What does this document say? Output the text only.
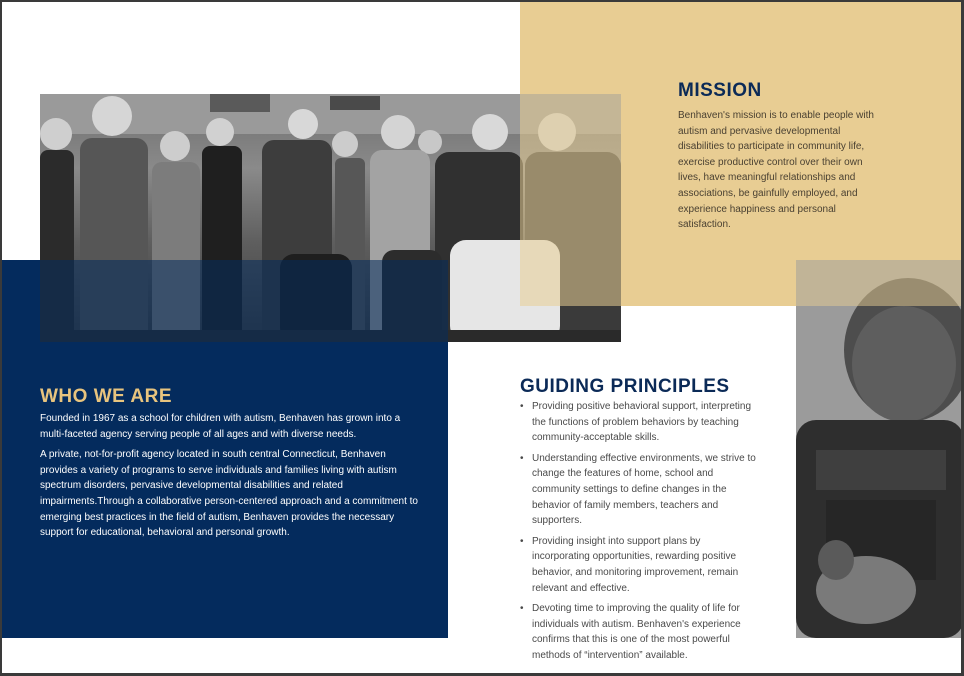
MISSION

Benhaven's mission is to enable people with autism and pervasive developmental disabilities to participate in community life, exercise productive control over their own lives, have meaningful relationships and associations, be gainfully employed, and experience happiness and personal satisfaction.

WHO WE ARE

Founded in 1967 as a school for children with autism, Benhaven has grown into a multi-faceted agency serving people of all ages and with diverse needs.

A private, not-for-profit agency located in south central Connecticut, Benhaven provides a variety of programs to serve individuals and families living with autism spectrum disorders, pervasive developmental disabilities and related impairments.Through a collaborative person-centered approach and a commitment to emerging best practices in the field of autism, Benhaven provides the necessary support for educational, behavioral and personal growth.

GUIDING PRINCIPLES
• Providing positive behavioral support, interpreting the functions of problem behaviors by teaching community-acceptable skills.
• Understanding effective environments, we strive to change the features of home, school and community settings to define changes in the behavior of family members, teachers and supporters.
• Providing insight into support plans by incorporating opportunities, rewarding positive behavior, and monitoring improvement, remain relevant and effective.
• Devoting time to improving the quality of life for individuals with autism. Benhaven's experience confirms that this is one of the most powerful methods of “intervention” available.
